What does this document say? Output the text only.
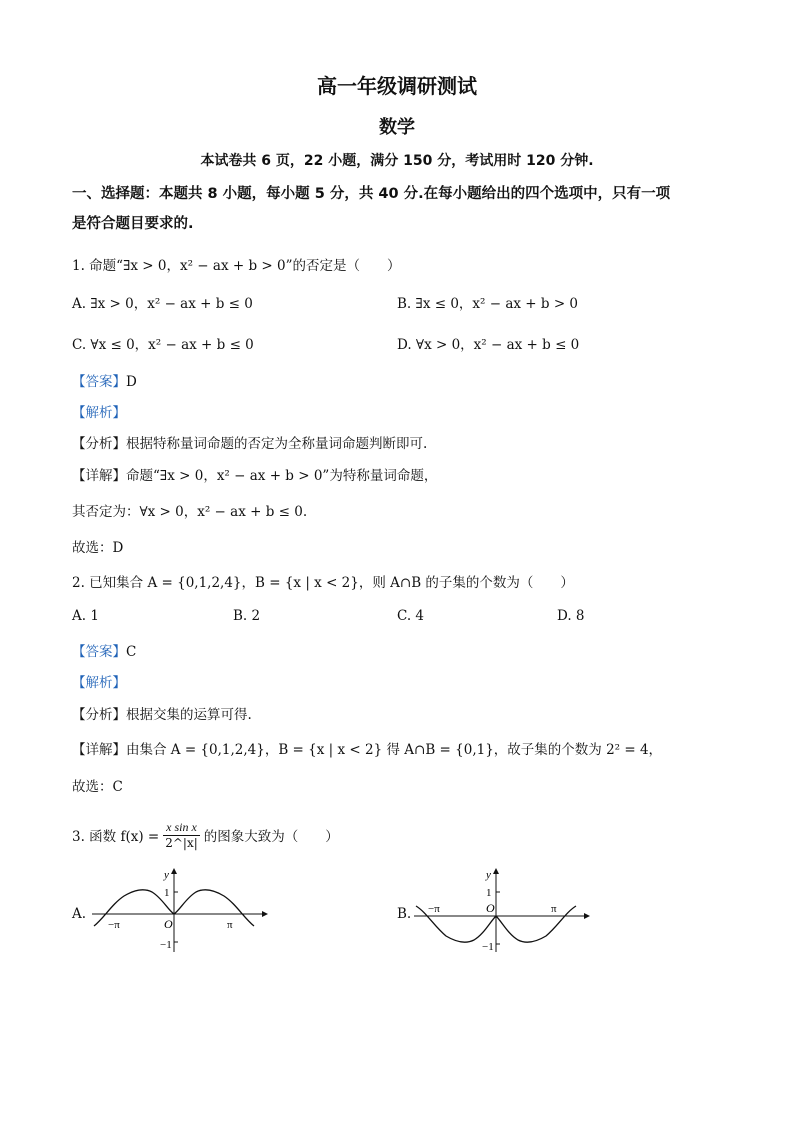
高一年级调研测试
数学
本试卷共 6 页，22 小题，满分 150 分，考试用时 120 分钟.
一、选择题：本题共 8 小题，每小题 5 分，共 40 分.在每小题给出的四个选项中，只有一项
是符合题目要求的.
1. 命题“∃x > 0，x² − ax + b > 0”的否定是（　　）
A. ∃x > 0，x² − ax + b ≤ 0	B. ∃x ≤ 0，x² − ax + b > 0
C. ∀x ≤ 0，x² − ax + b ≤ 0	D. ∀x > 0，x² − ax + b ≤ 0
【答案】D
【解析】
【分析】根据特称量词命题的否定为全称量词命题判断即可.
【详解】命题“∃x > 0，x² − ax + b > 0”为特称量词命题，
其否定为：∀x > 0，x² − ax + b ≤ 0.
故选：D
2. 已知集合 A = {0,1,2,4}，B = {x | x < 2}，则 A∩B 的子集的个数为（　　）
A. 1	B. 2	C. 4	D. 8
【答案】C
【解析】
【分析】根据交集的运算可得.
【详解】由集合 A = {0,1,2,4}，B = {x | x < 2} 得 A∩B = {0,1}，故子集的个数为 2² = 4，
故选：C
3. 函数 $f(x) = \frac{\text{x sin x}}{2\^{}|x|}$ 的图象大致为（　　）
A.
y
1
−1
O
−π	π
B.
y
1
−1
O
−π	π
